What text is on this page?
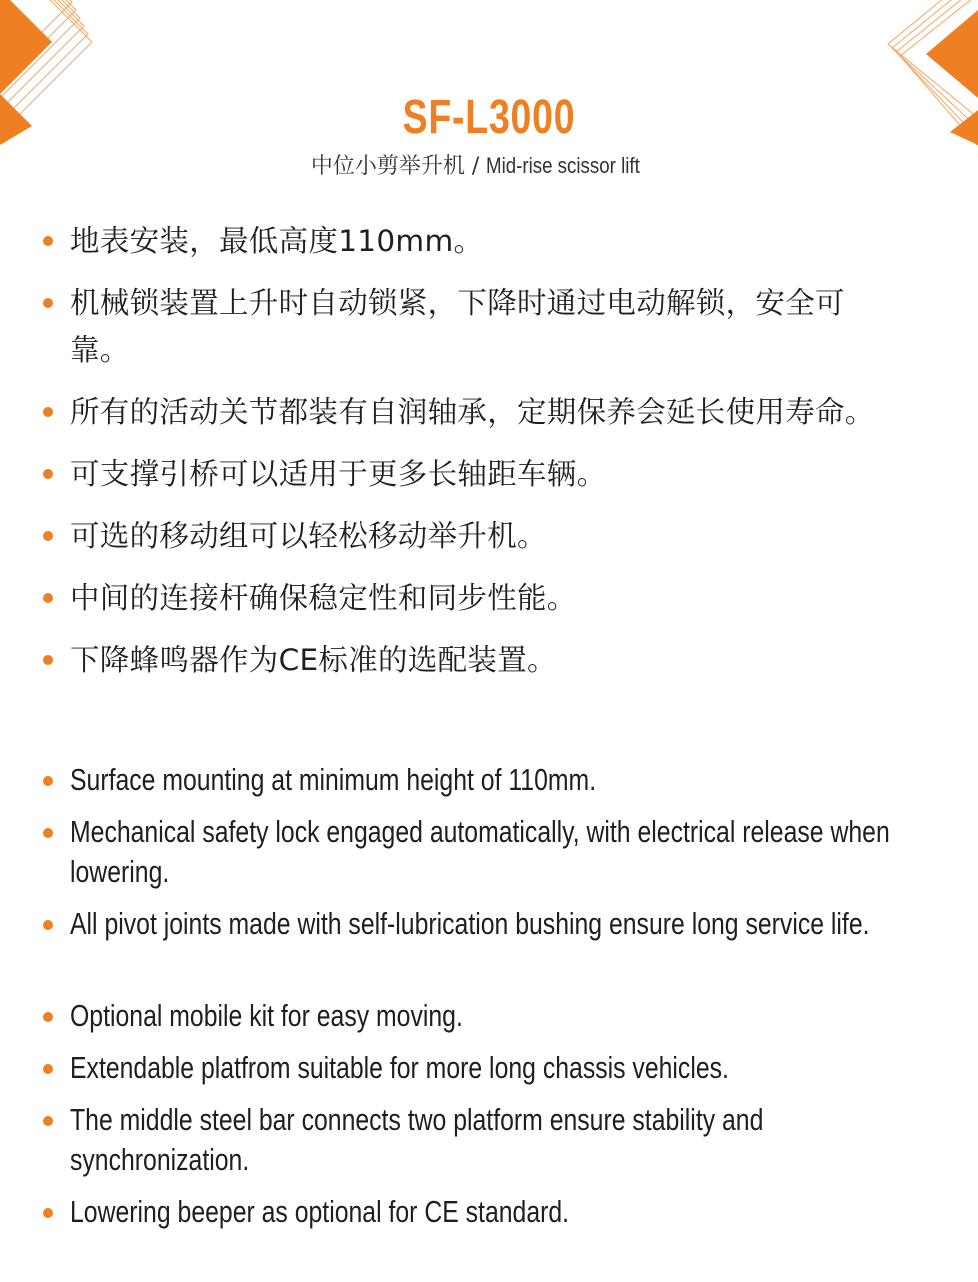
SF-L3000
中位小剪举升机 / Mid-rise scissor lift
地表安装，最低高度110mm。
机械锁装置上升时自动锁紧，下降时通过电动解锁，安全可靠。
所有的活动关节都装有自润轴承，定期保养会延长使用寿命。
可支撑引桥可以适用于更多长轴距车辆。
可选的移动组可以轻松移动举升机。
中间的连接杆确保稳定性和同步性能。
下降蜂鸣器作为CE标准的选配装置。
Surface mounting at minimum height of 110mm.
Mechanical safety lock engaged automatically, with electrical release when lowering.
All pivot joints made with self-lubrication bushing ensure long service life.
Optional mobile kit for easy moving.
Extendable platfrom suitable for more long chassis vehicles.
The middle steel bar connects two platform ensure stability and synchronization.
Lowering beeper as optional for CE standard.
